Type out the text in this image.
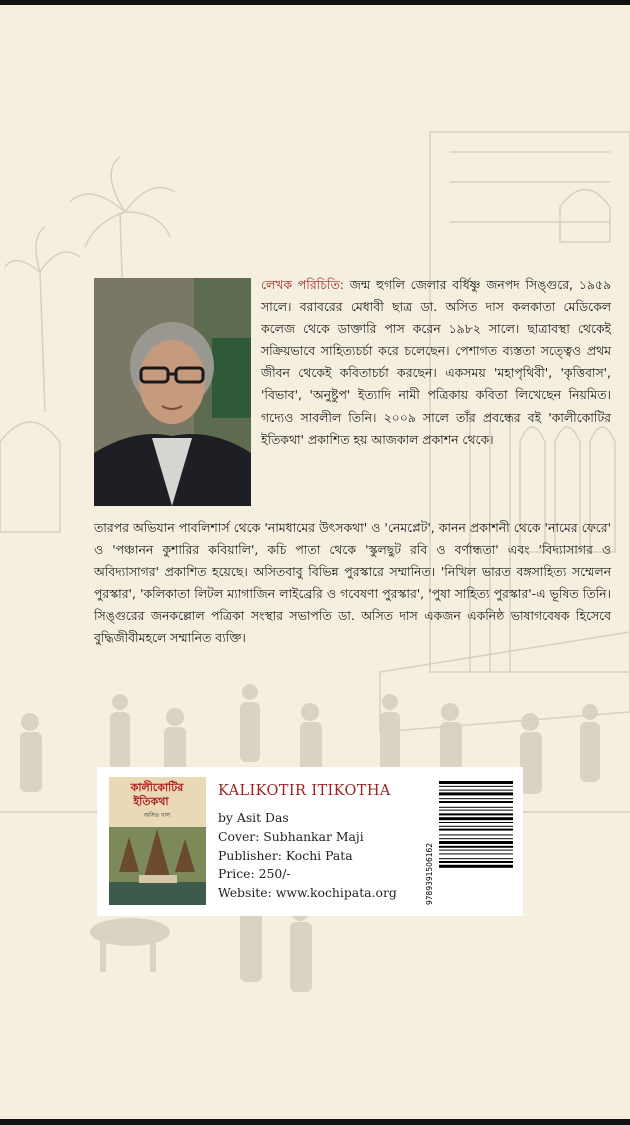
লেখক পরিচিতি: জন্ম হুগলি জেলার বর্ধিষ্ণু জনপদ সিঙ্গুরে, ১৯৫৯ সালে। বরাবরের মেধাবী ছাত্র ডা. অসিত দাস কলকাতা মেডিকেল কলেজ থেকে ডাক্তারি পাস করেন ১৯৮২ সালে। ছাত্রাবস্থা থেকেই সক্রিয়ভাবে সাহিত্যচর্চা করে চলেছেন। পেশাগত ব্যস্ততা সত্ত্বেও প্রথম জীবন থেকেই কবিতাচর্চা করছেন। একসময় 'মহাপৃথিবী', 'কৃত্তিবাস', 'বিভাব', 'অনুষ্টুপ' ইত্যাদি নামী পত্রিকায় কবিতা লিখেছেন নিয়মিত। গদ্যেও সাবলীল তিনি। ২০০৯ সালে তাঁর প্রবন্ধের বই 'কালীকোটির ইতিকথা' প্রকাশিত হয় আজকাল প্রকাশন থেকে।
তারপর অভিযান পাবলিশার্স থেকে 'নামধামের উৎসকথা' ও 'নেমপ্লেট', কানন প্রকাশনী থেকে 'নামের ফেরে' ও 'পঞ্চানন কুশারির কবিয়ালি', কচি পাতা থেকে 'স্কুলছুট রবি ও বর্ণান্ধতা' এবং 'বিদ্যাসাগর ও অবিদ্যাসাগর' প্রকাশিত হয়েছে। অসিতবাবু বিভিন্ন পুরস্কারে সম্মানিত। 'নিখিল ভারত বঙ্গসাহিত্য সম্মেলন পুরস্কার', 'কলিকাতা লিটল ম্যাগাজিন লাইব্রেরি ও গবেষণা পুরস্কার', 'পুষা সাহিত্য পুরস্কার'-এ ভূষিত তিনি। সিঙ্গুরের জনকল্লোল পত্রিকা সংস্থার সভাপতি ডা. অসিত দাস একজন একনিষ্ঠ ভাষাগবেষক হিসেবে বুদ্ধিজীবীমহলে সম্মানিত ব্যক্তি।
কালীকোটির
ইতিকথা
অসিত দাস
KALIKOTIR ITIKOTHA
by Asit Das
Cover: Subhankar Maji
Publisher: Kochi Pata
Price: 250/-
Website: www.kochipata.org	9789391506162
